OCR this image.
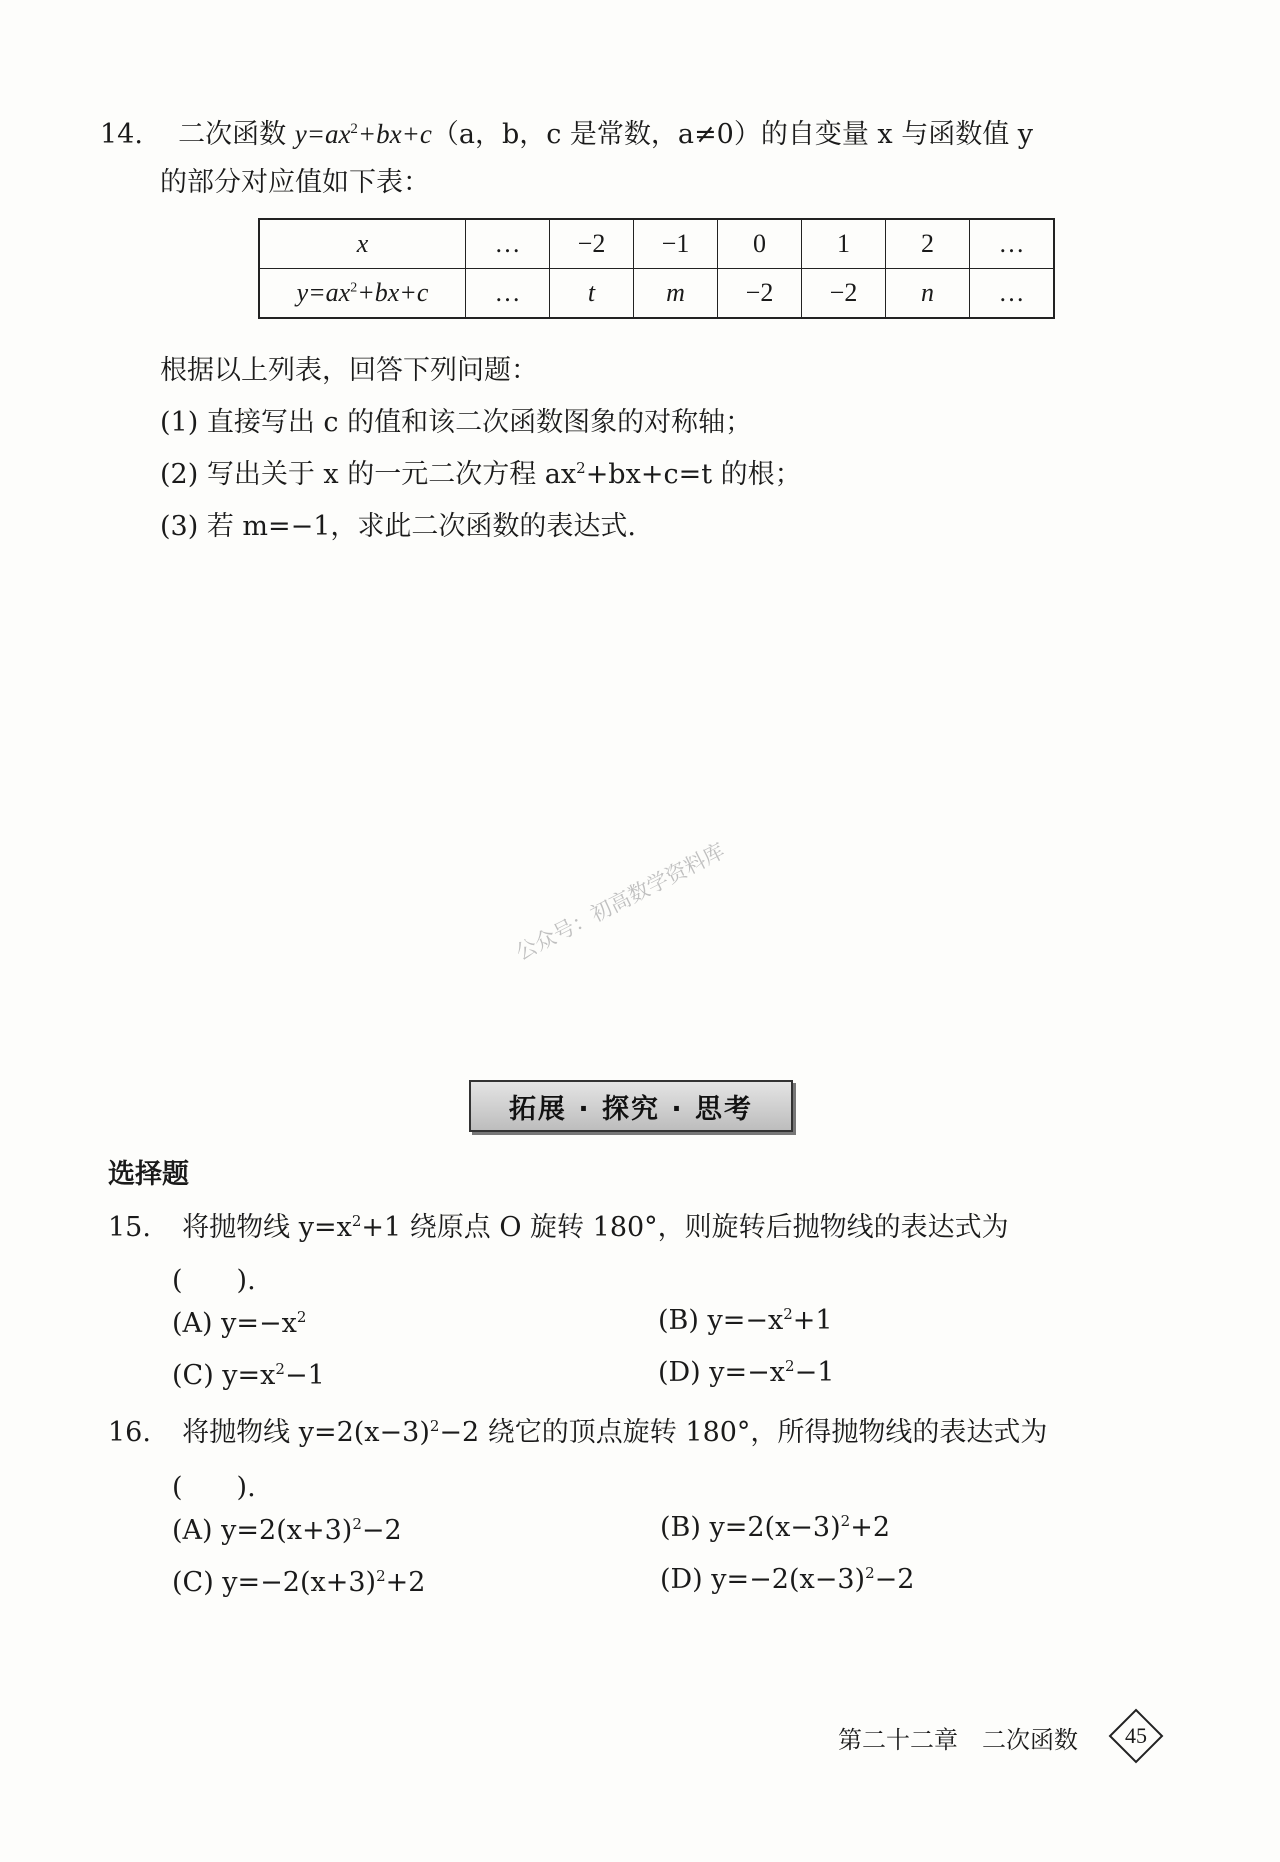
14. 二次函数 $y=ax^2+bx+c(a$，b，c 是常数，a≠0）的自变量 x 与函数值 y
的部分对应值如下表：
x	…	−2	−1	0	1	2	…
$y=ax^2+bx+c$	…	t	m	−2	−2	n	…
根据以上列表，回答下列问题：
(1) 直接写出 c 的值和该二次函数图象的对称轴；
(2) 写出关于 x 的一元二次方程 $ax^2+bx+c=t$ 的根；
(3) 若 m=−1，求此二次函数的表达式.
公众号：初高数学资料库
拓展 · 探究 · 思考
选择题
15. 将抛物线 $y=x^2+1$ 绕原点 O 旋转 180°，则旋转后抛物线的表达式为
(　　).
(A) $y=-x^2$	(B) $y=-x^2+1$
(C) $y=x^2-1$	(D) $y=-x^2-1$
16. 将抛物线 $y=2(x-3)^2-2$ 绕它的顶点旋转 180°，所得抛物线的表达式为
(　　).
(A) $y=2(x+3)^2-2$	(B) $y=2(x-3)^2+2$
(C) $y=-2(x+3)^2+2$	(D) $y=-2(x-3)^2-2$
第二十二章　二次函数 45
